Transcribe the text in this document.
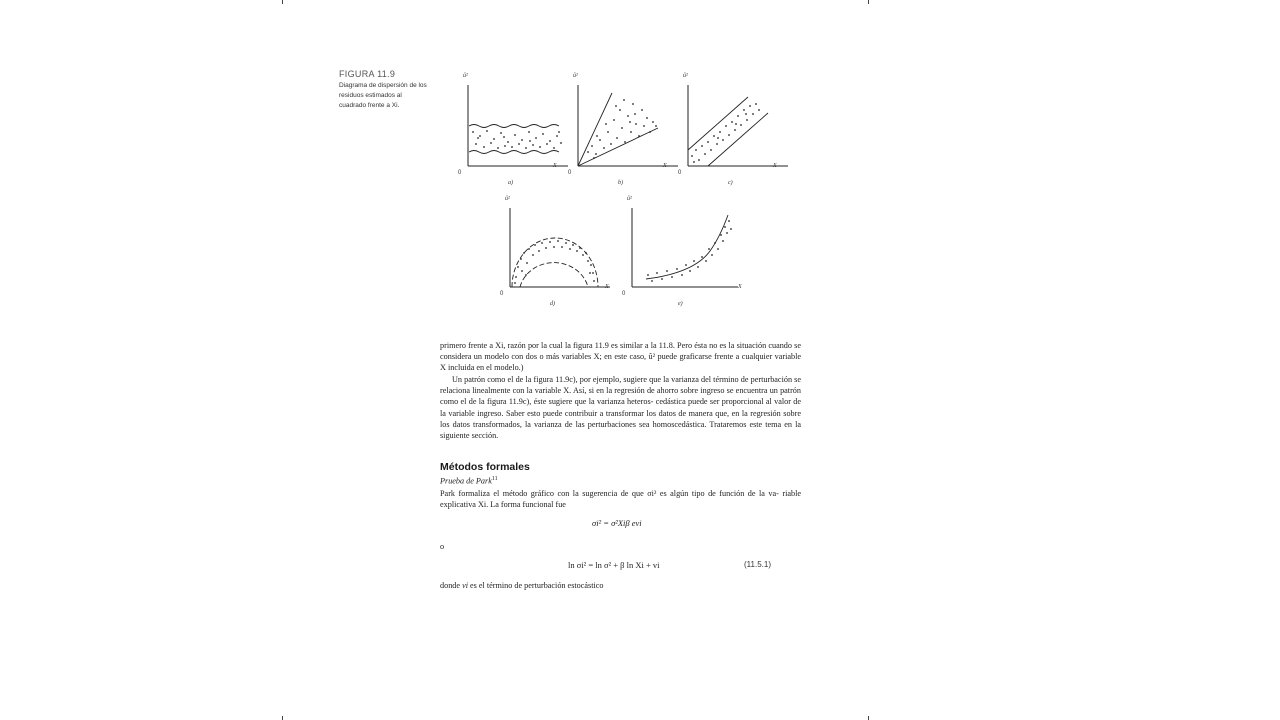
FIGURA 11.9
Diagrama de dispersión de los residuos estimados al cuadrado frente a Xi.
û²
X
0
a)
û²
X
0
b)
û²
X
0
c)
û²
X
0
d)
û²
X
0
e)
primero frente a Xi, razón por la cual la figura 11.9 es similar a la 11.8. Pero ésta no es la situación cuando se considera un modelo con dos o más variables X; en este caso, û² puede graficarse frente a cualquier variable X incluida en el modelo.)
Un patrón como el de la figura 11.9c), por ejemplo, sugiere que la varianza del término de perturbación se relaciona linealmente con la variable X. Así, si en la regresión de ahorro sobre ingreso se encuentra un patrón como el de la figura 11.9c), éste sugiere que la varianza heteros- cedástica puede ser proporcional al valor de la variable ingreso. Saber esto puede contribuir a transformar los datos de manera que, en la regresión sobre los datos transformados, la varianza de las perturbaciones sea homoscedástica. Trataremos este tema en la siguiente sección.
Métodos formales
Prueba de Park$^{11}$
Park formaliza el método gráfico con la sugerencia de que σi² es algún tipo de función de la va- riable explicativa Xi. La forma funcional fue
σi² = σ²Xiβ evi
o
ln σi² = ln σ² + β ln Xi + vi	(11.5.1)
donde vi es el término de perturbación estocástico
